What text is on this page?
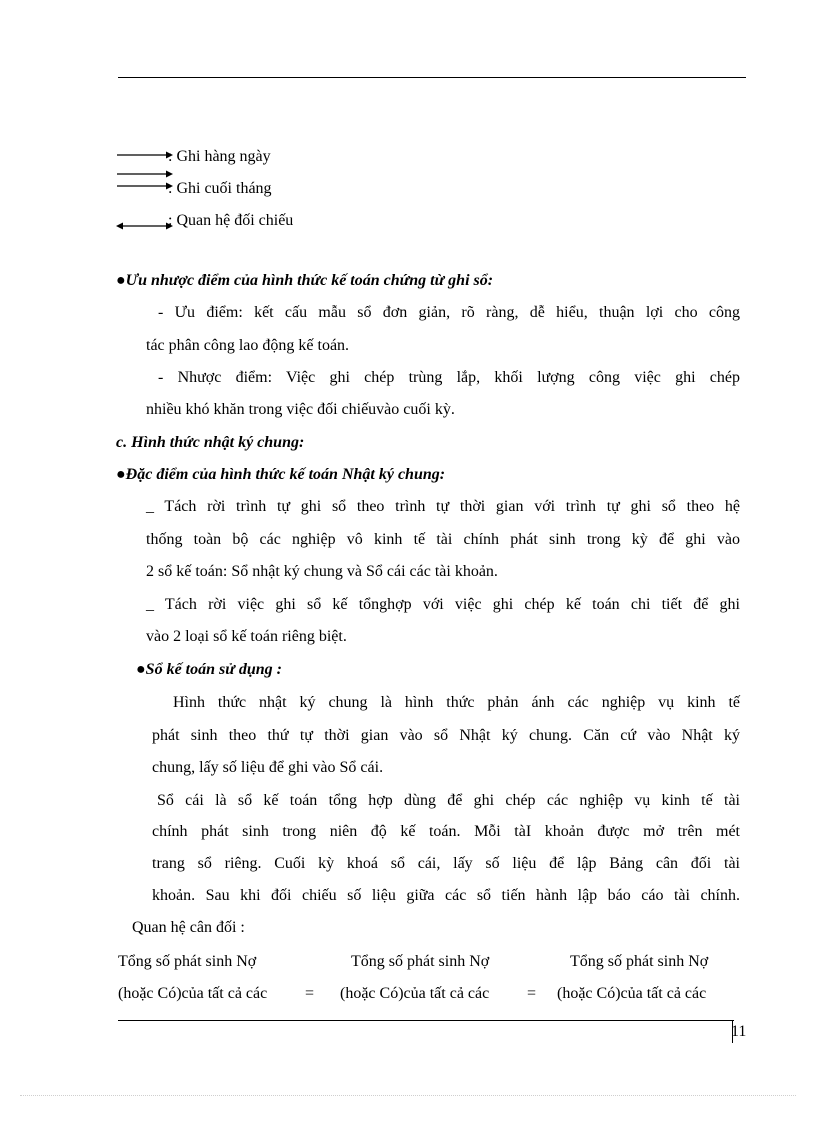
: Ghi hàng ngày
: Ghi cuối tháng
: Quan hệ đối chiếu
●Ưu nhược điểm của hình thức kế toán chứng từ ghi sổ:
- Ưu điểm: kết cấu mẫu sổ đơn giản, rõ ràng, dễ hiểu, thuận lợi cho công
tác phân công lao động kế toán.
- Nhược điểm: Việc ghi chép trùng lắp, khối lượng công việc ghi chép
nhiều khó khăn trong việc đối chiếuvào cuối kỳ.
c. Hình thức nhật ký chung:
●Đặc điểm của hình thức kế toán Nhật ký chung:
_ Tách rời trình tự ghi sổ theo trình tự thời gian với trình tự ghi sổ theo hệ
thống toàn bộ các nghiệp vô kinh tế tài chính phát sinh trong kỳ để ghi vào
2 sổ kế toán: Sổ nhật ký chung và Sổ cái các tài khoản.
_ Tách rời việc ghi sổ kế tổnghợp với việc ghi chép kế toán chi tiết để ghi
vào 2 loại sổ kế toán riêng biệt.
●Sổ kế toán sử dụng :
Hình thức nhật ký chung là hình thức phản ánh các nghiệp vụ kinh tế
phát sinh theo thứ tự thời gian vào sổ Nhật ký chung. Căn cứ vào Nhật ký
chung, lấy số liệu để ghi vào Sổ cái.
Sổ cái là sổ kế toán tổng hợp dùng để ghi chép các nghiệp vụ kinh tế tài
chính phát sinh trong niên độ kế toán. Mỗi tàI khoản được mở trên mét
trang sổ riêng. Cuối kỳ khoá sổ cái, lấy số liệu để lập Bảng cân đối tài
khoản. Sau khi đối chiếu số liệu giữa các sổ tiến hành lập báo cáo tài chính.
Quan hệ cân đối :
Tổng số phát sinh Nợ
(hoặc Có)của tất cả các =
Tổng số phát sinh Nợ
(hoặc Có)của tất cả các =
Tổng số phát sinh Nợ
(hoặc Có)của tất cả các
11
